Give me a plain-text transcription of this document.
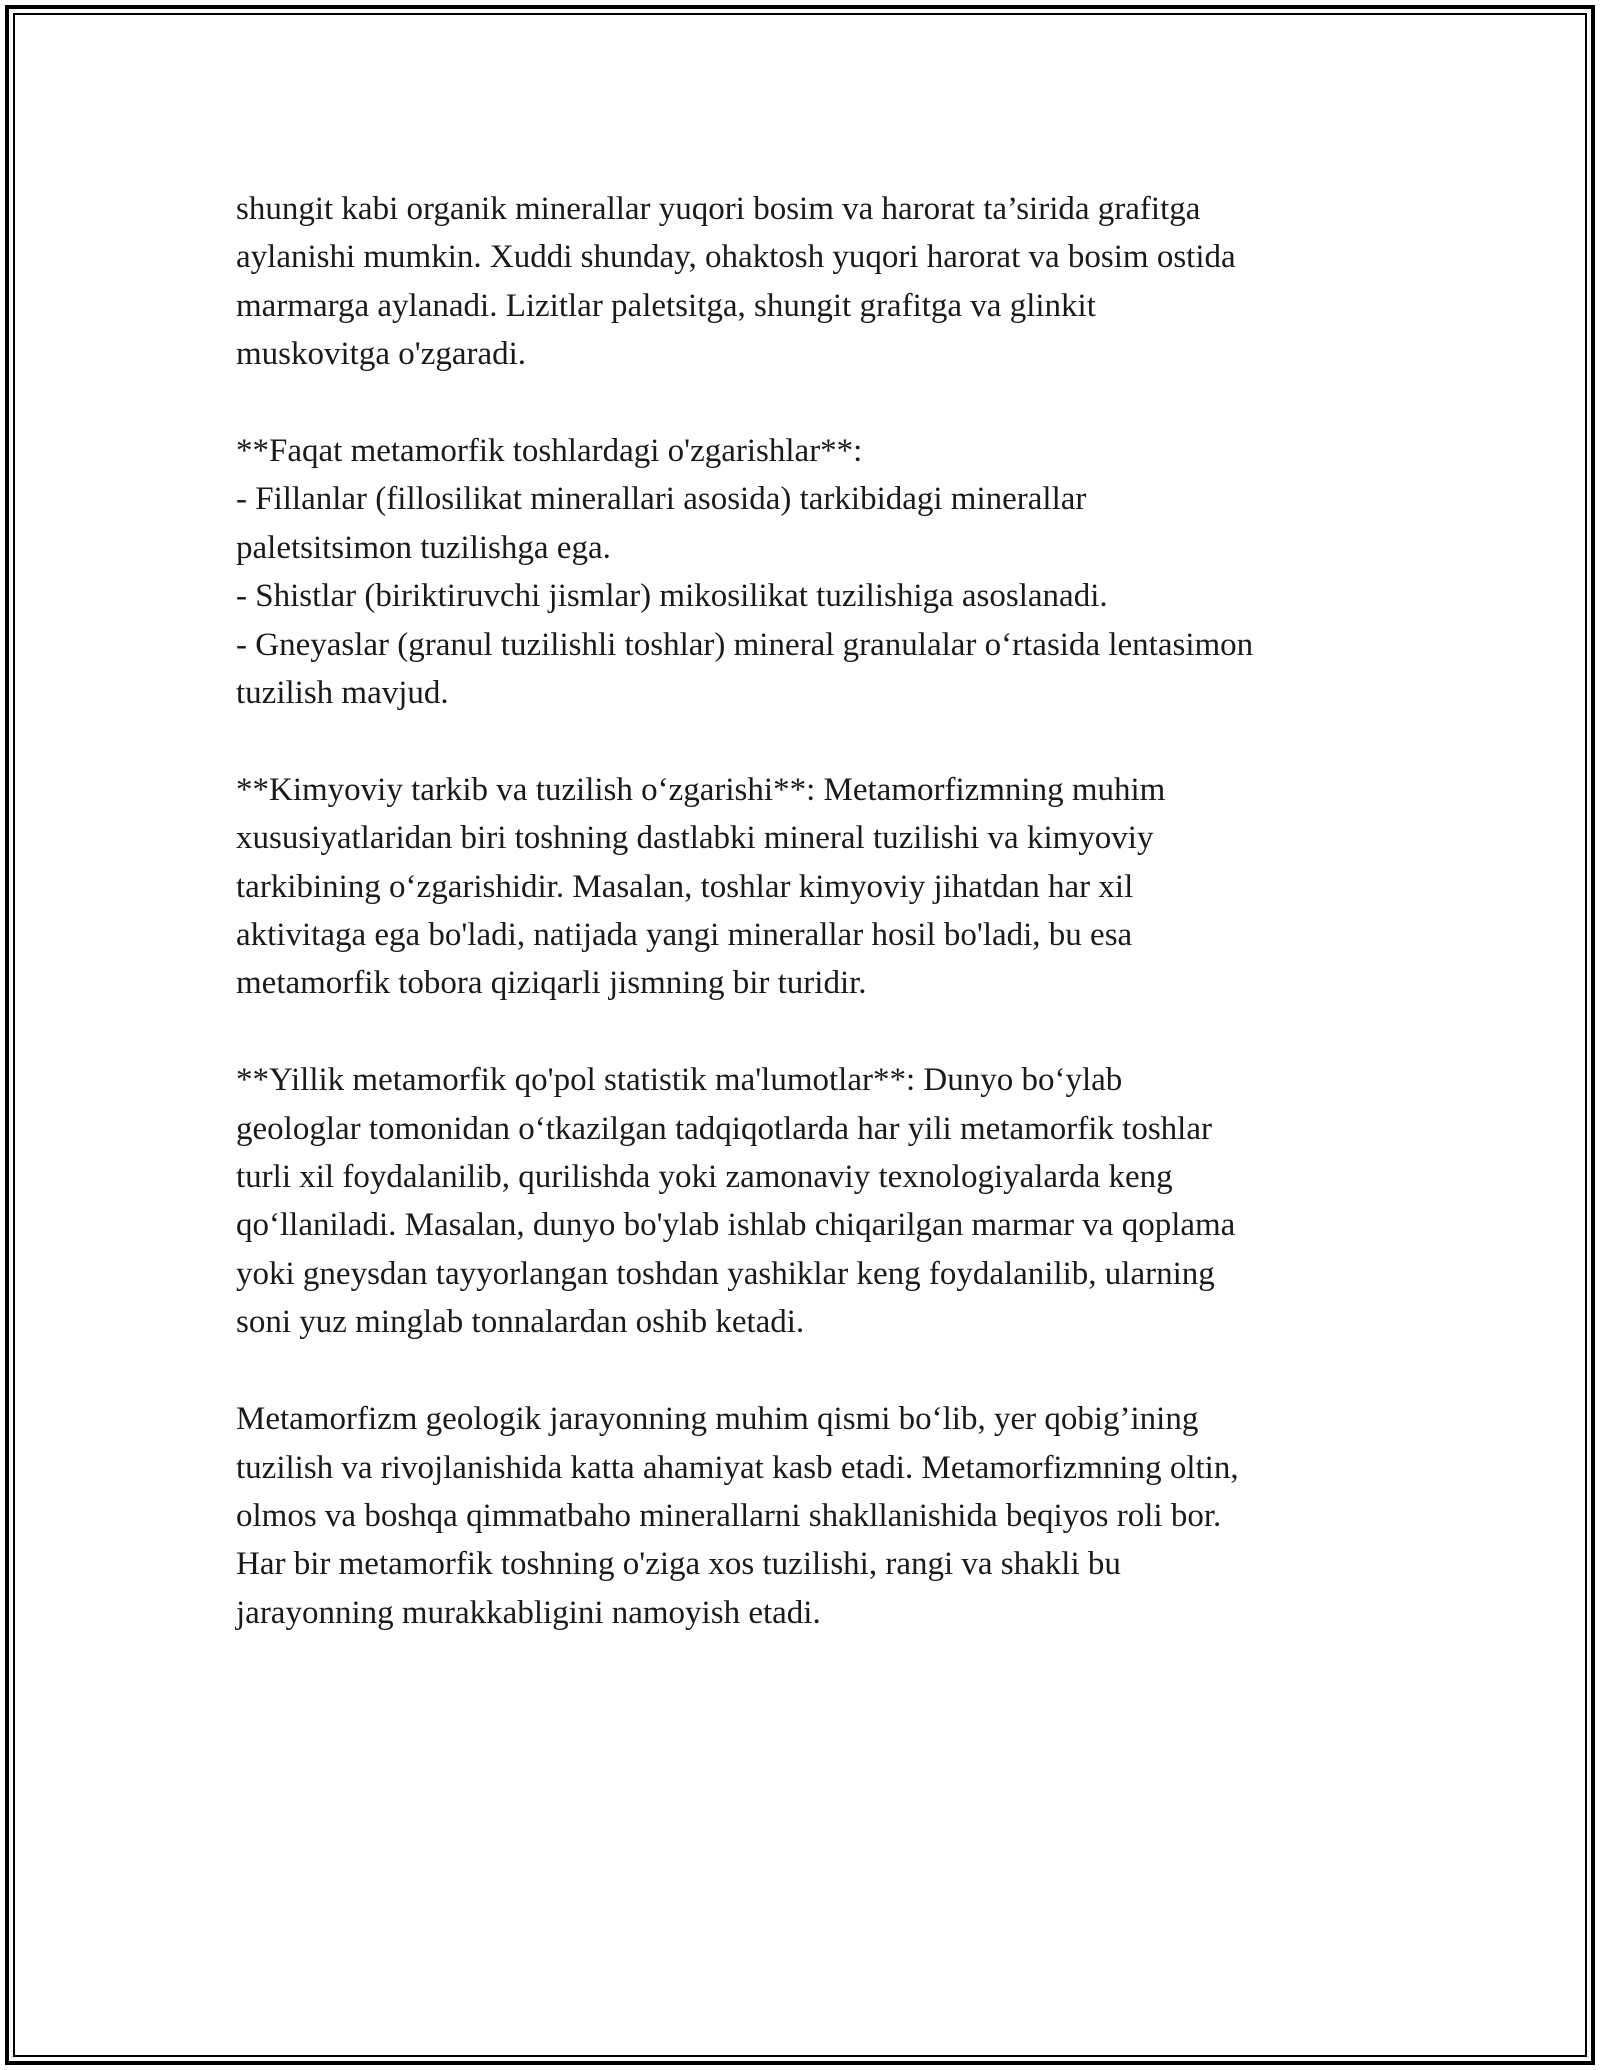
shungit kabi organik minerallar yuqori bosim va harorat ta’sirida grafitga
aylanishi mumkin. Xuddi shunday, ohaktosh yuqori harorat va bosim ostida
marmarga aylanadi. Lizitlar paletsitga, shungit grafitga va glinkit
muskovitga o'zgaradi.
**Faqat metamorfik toshlardagi o'zgarishlar**:
- Fillanlar (fillosilikat minerallari asosida) tarkibidagi minerallar
paletsitsimon tuzilishga ega.
- Shistlar (biriktiruvchi jismlar) mikosilikat tuzilishiga asoslanadi.
- Gneyaslar (granul tuzilishli toshlar) mineral granulalar o‘rtasida lentasimon
tuzilish mavjud.
**Kimyoviy tarkib va tuzilish o‘zgarishi**: Metamorfizmning muhim
xususiyatlaridan biri toshning dastlabki mineral tuzilishi va kimyoviy
tarkibining o‘zgarishidir. Masalan, toshlar kimyoviy jihatdan har xil
aktivitaga ega bo'ladi, natijada yangi minerallar hosil bo'ladi, bu esa
metamorfik tobora qiziqarli jismning bir turidir.
**Yillik metamorfik qo'pol statistik ma'lumotlar**: Dunyo bo‘ylab
geologlar tomonidan o‘tkazilgan tadqiqotlarda har yili metamorfik toshlar
turli xil foydalanilib, qurilishda yoki zamonaviy texnologiyalarda keng
qo‘llaniladi. Masalan, dunyo bo'ylab ishlab chiqarilgan marmar va qoplama
yoki gneysdan tayyorlangan toshdan yashiklar keng foydalanilib, ularning
soni yuz minglab tonnalardan oshib ketadi.
Metamorfizm geologik jarayonning muhim qismi bo‘lib, yer qobig’ining
tuzilish va rivojlanishida katta ahamiyat kasb etadi. Metamorfizmning oltin,
olmos va boshqa qimmatbaho minerallarni shakllanishida beqiyos roli bor.
Har bir metamorfik toshning o'ziga xos tuzilishi, rangi va shakli bu
jarayonning murakkabligini namoyish etadi.
